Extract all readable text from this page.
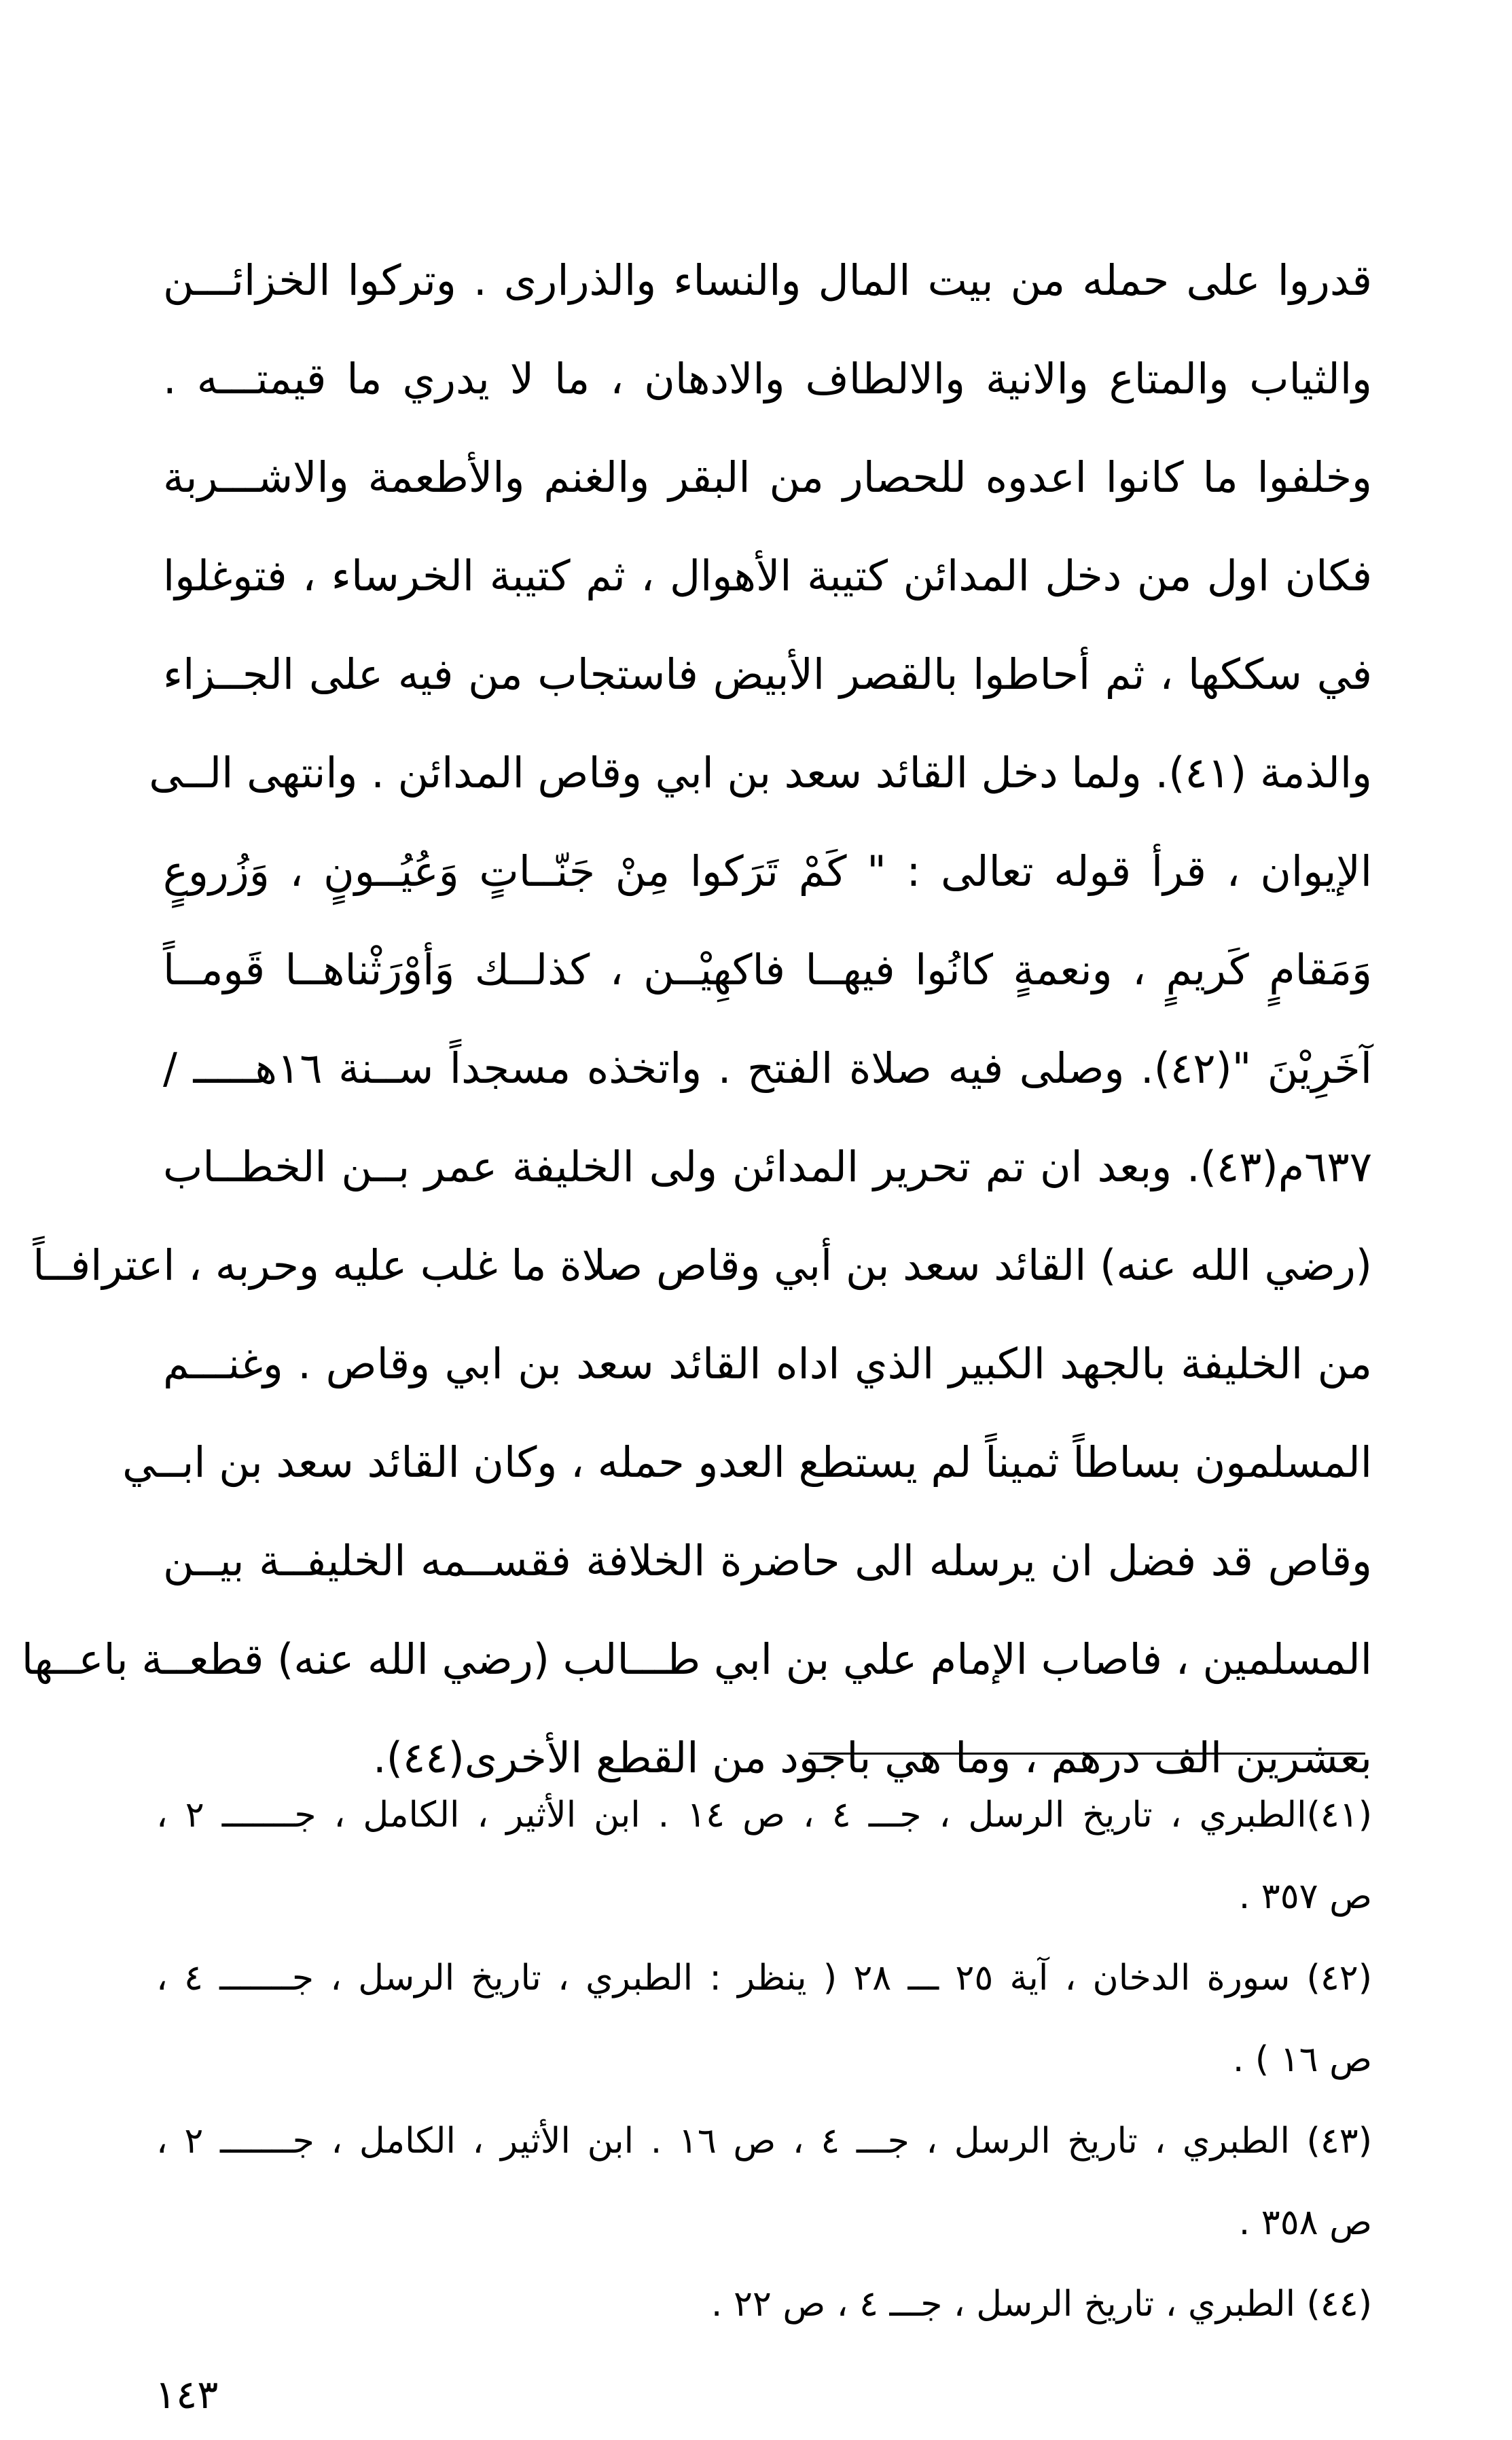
قدروا على حمله من بيت المال والنساء والذرارى . وتركوا الخزائـــن
والثياب والمتاع والانية والالطاف والادهان ، ما لا يدري ما قيمتـــه .
وخلفوا ما كانوا اعدوه للحصار من البقر والغنم والأطعمة والاشـــربة
فكان اول من دخل المدائن كتيبة الأهوال ، ثم كتيبة الخرساء ، فتوغلوا
في سككها ، ثم أحاطوا بالقصر الأبيض فاستجاب من فيه على الجــزاء
والذمة (٤١). ولما دخل القائد سعد بن ابي وقاص المدائن . وانتهى الــى
الإيوان ، قرأ قوله تعالى : " كَمْ تَرَكوا مِنْ جَنّــاتٍ وَعُيُــونٍ ، وَزُروعٍ
وَمَقامٍ كَريمٍ ، ونعمةٍ كانُوا فيهــا فاكهِيْــن ، كذلــك وَأوْرَثْناهــا قَومــاً
آخَرِيْنَ "(٤٢). وصلى فيه صلاة الفتح . واتخذه مسجداً ســنة ١٦هـــــ /
٦٣٧م(٤٣). وبعد ان تم تحرير المدائن ولى الخليفة عمر بــن الخطــاب
(رضي الله عنه) القائد سعد بن أبي وقاص صلاة ما غلب عليه وحربه ، اعترافــاً
من الخليفة بالجهد الكبير الذي اداه القائد سعد بن ابي وقاص . وغنـــم
المسلمون بساطاً ثميناً لم يستطع العدو حمله ، وكان القائد سعد بن ابــي
وقاص قد فضل ان يرسله الى حاضرة الخلافة فقســمه الخليفــة بيــن
المسلمين ، فاصاب الإمام علي بن ابي طـــالب (رضي الله عنه) قطعــة باعــها
بعشرين الف درهم ، وما هي باجود من القطع الأخرى(٤٤).
(٤١)الطبري ، تاريخ الرسل ، جـــ ٤ ، ص ١٤ . ابن الأثير ، الكامل ، جـــــــ ٢ ،
ص ٣٥٧ .
(٤٢) سورة الدخان ، آية ٢٥ ـــ ٢٨ ( ينظر : الطبري ، تاريخ الرسل ، جـــــــ ٤ ،
ص ١٦ ) .
(٤٣) الطبري ، تاريخ الرسل ، جـــ ٤ ، ص ١٦ . ابن الأثير ، الكامل ، جـــــــ ٢ ،
ص ٣٥٨ .
(٤٤) الطبري ، تاريخ الرسل ، جـــ ٤ ، ص ٢٢ .
١٤٣
